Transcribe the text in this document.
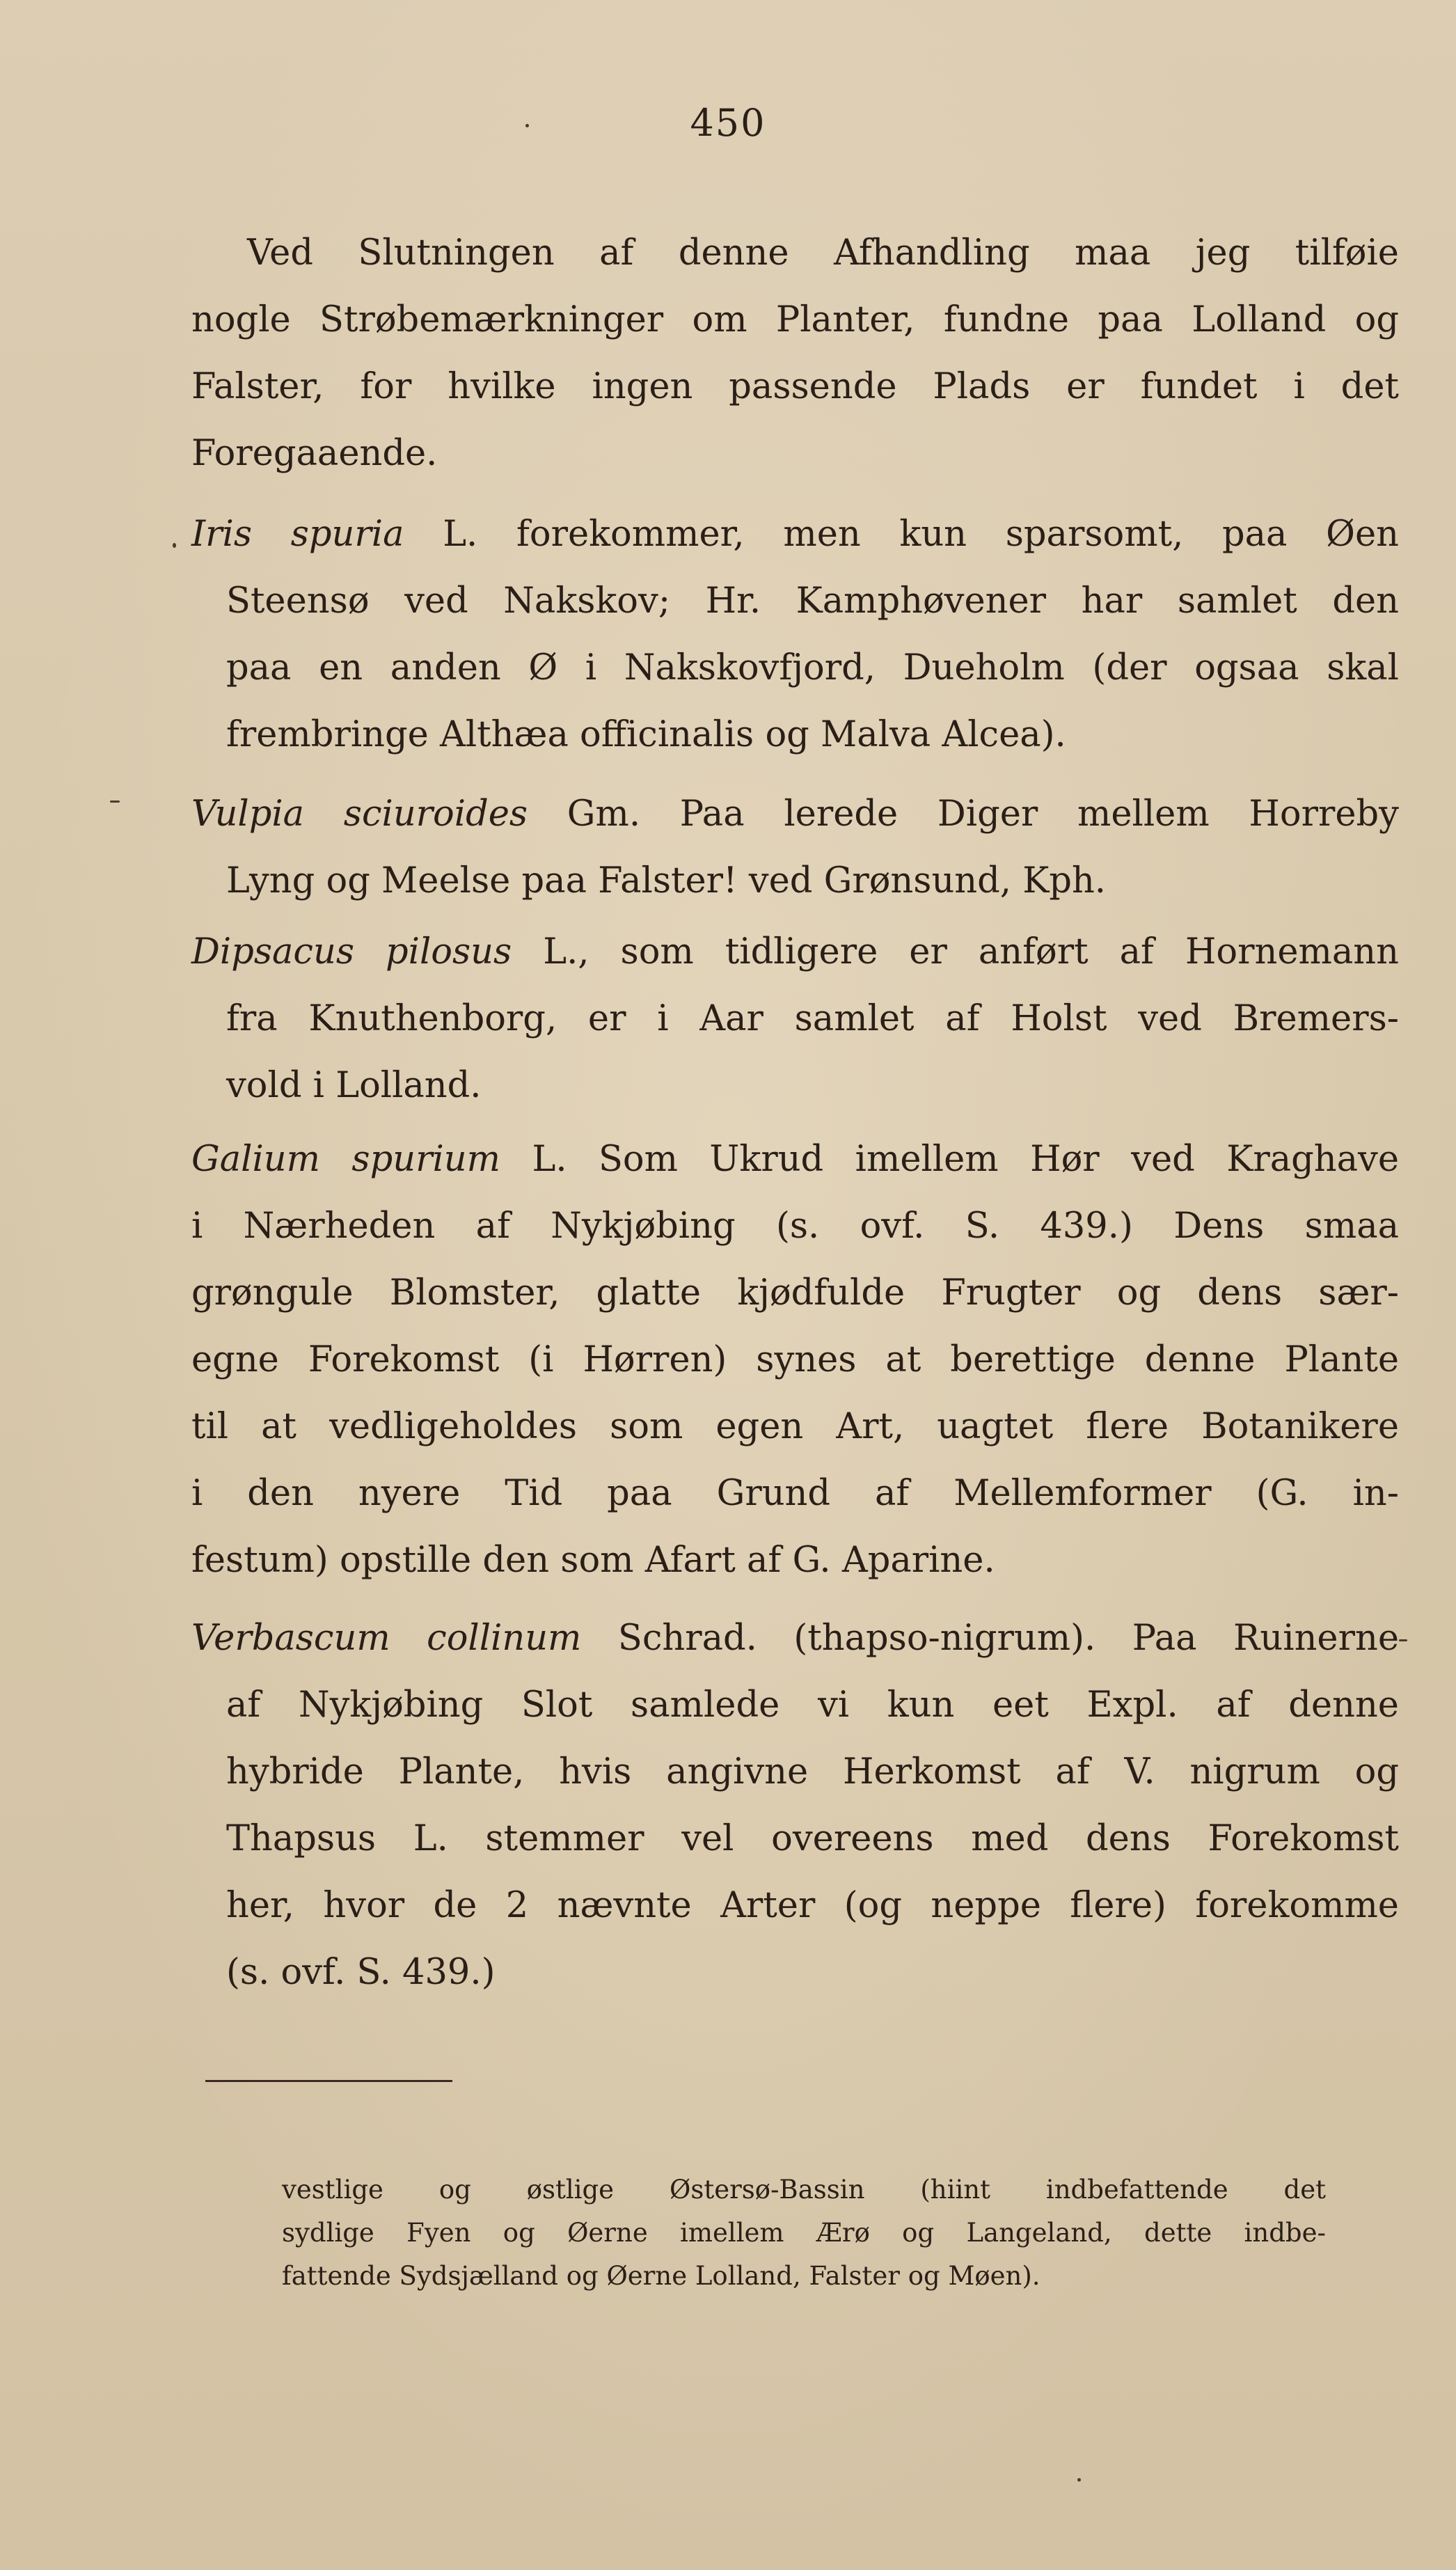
450
Ved Slutningen af denne Afhandling maa jeg tilføie
nogle Strøbemærkninger om Planter, fundne paa Lolland og
Falster, for hvilke ingen passende Plads er fundet i det
Foregaaende.
Iris spuria L. forekommer, men kun sparsomt, paa Øen
Steensø ved Nakskov; Hr. Kamphøvener har samlet den
paa en anden Ø i Nakskovfjord, Dueholm (der ogsaa skal
frembringe Althæa officinalis og Malva Alcea).
Vulpia sciuroides Gm. Paa lerede Diger mellem Horreby
Lyng og Meelse paa Falster! ved Grønsund, Kph.
Dipsacus pilosus L., som tidligere er anført af Hornemann
fra Knuthenborg, er i Aar samlet af Holst ved Bremers-
vold i Lolland.
Galium spurium L. Som Ukrud imellem Hør ved Kraghave
i Nærheden af Nykjøbing (s. ovf. S. 439.) Dens smaa
grøngule Blomster, glatte kjødfulde Frugter og dens sær-
egne Forekomst (i Hørren) synes at berettige denne Plante
til at vedligeholdes som egen Art, uagtet flere Botanikere
i den nyere Tid paa Grund af Mellemformer (G. in-
festum) opstille den som Afart af G. Aparine.
Verbascum collinum Schrad. (thapso-nigrum). Paa Ruinerne
af Nykjøbing Slot samlede vi kun eet Expl. af denne
hybride Plante, hvis angivne Herkomst af V. nigrum og
Thapsus L. stemmer vel overeens med dens Forekomst
her, hvor de 2 nævnte Arter (og neppe flere) forekomme
(s. ovf. S. 439.)
vestlige og østlige Østersø-Bassin (hiint indbefattende det
sydlige Fyen og Øerne imellem Ærø og Langeland, dette indbe-
fattende Sydsjælland og Øerne Lolland, Falster og Møen).
